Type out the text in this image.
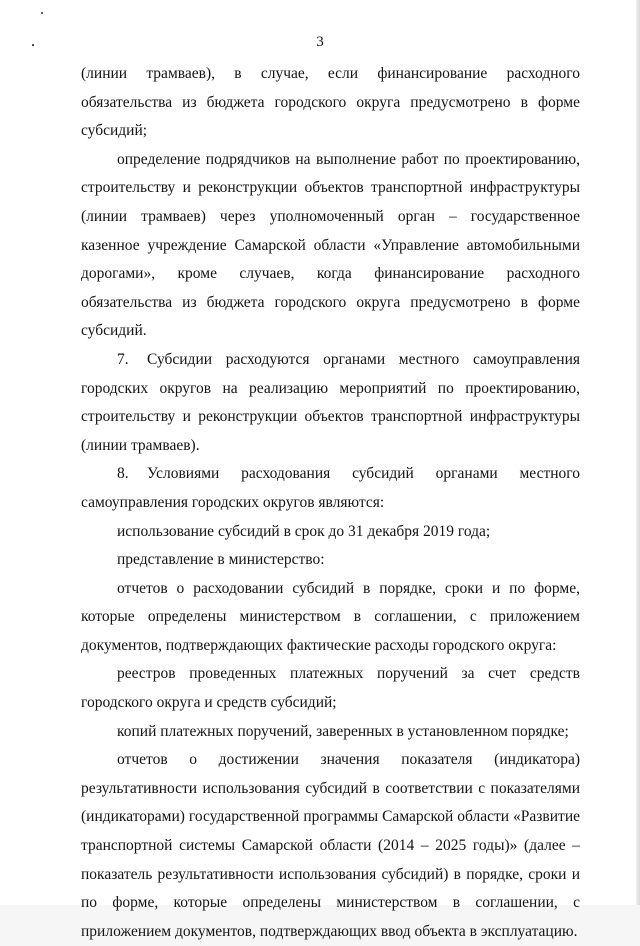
3

(линии трамваев), в случае, если финансирование расходного обязательства из бюджета городского округа предусмотрено в форме субсидий;

определение подрядчиков на выполнение работ по проектированию, строительству и реконструкции объектов транспортной инфраструктуры (линии трамваев) через уполномоченный орган – государственное казенное учреждение Самарской области «Управление автомобильными дорогами», кроме случаев, когда финансирование расходного обязательства из бюджета городского округа предусмотрено в форме субсидий.

7. Субсидии расходуются органами местного самоуправления городских округов на реализацию мероприятий по проектированию, строительству и реконструкции объектов транспортной инфраструктуры (линии трамваев).

8. Условиями расходования субсидий органами местного самоуправления городских округов являются:

использование субсидий в срок до 31 декабря 2019 года;

представление в министерство:

отчетов о расходовании субсидий в порядке, сроки и по форме, которые определены министерством в соглашении, с приложением документов, подтверждающих фактические расходы городского округа:

реестров проведенных платежных поручений за счет средств городского округа и средств субсидий;

копий платежных поручений, заверенных в установленном порядке;

отчетов о достижении значения показателя (индикатора) результативности использования субсидий в соответствии с показателями (индикаторами) государственной программы Самарской области «Развитие транспортной системы Самарской области (2014 – 2025 годы)» (далее – показатель результативности использования субсидий) в порядке, сроки и по форме, которые определены министерством в соглашении, с приложением документов, подтверждающих ввод объекта в эксплуатацию.
